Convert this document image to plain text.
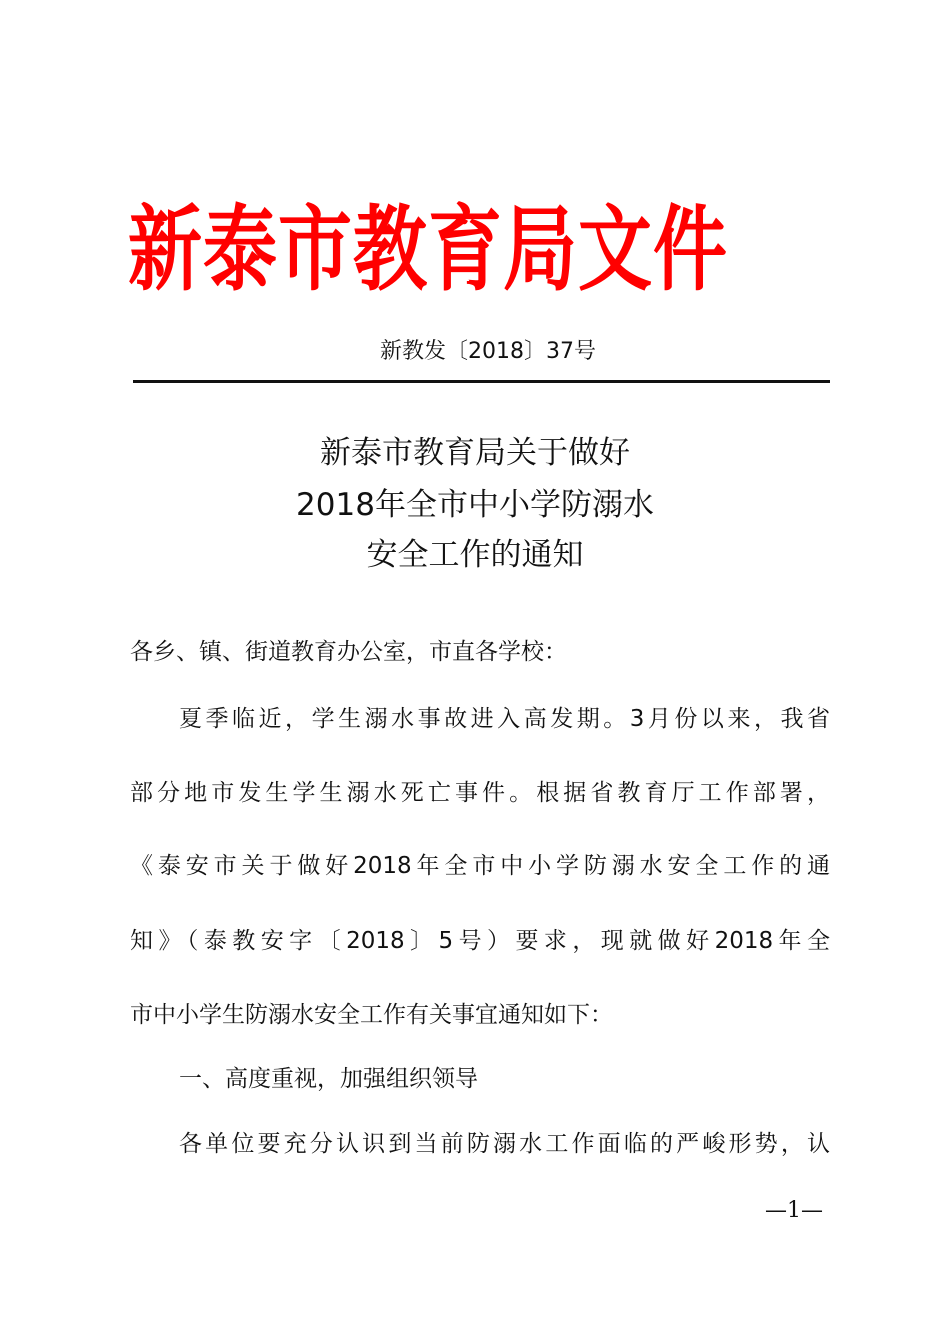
新泰市教育局文件
新教发〔2018〕37号
新泰市教育局关于做好
2018年全市中小学防溺水
安全工作的通知
各乡、镇、街道教育办公室，市直各学校：
夏季临近，学生溺水事故进入高发期。3月份以来，我省
部分地市发生学生溺水死亡事件。根据省教育厅工作部署，
《泰安市关于做好2018年全市中小学防溺水安全工作的通
知》（泰教安字〔2018〕5号）要求，现就做好2018年全
市中小学生防溺水安全工作有关事宜通知如下：
一、高度重视，加强组织领导
各单位要充分认识到当前防溺水工作面临的严峻形势，认
—1—
